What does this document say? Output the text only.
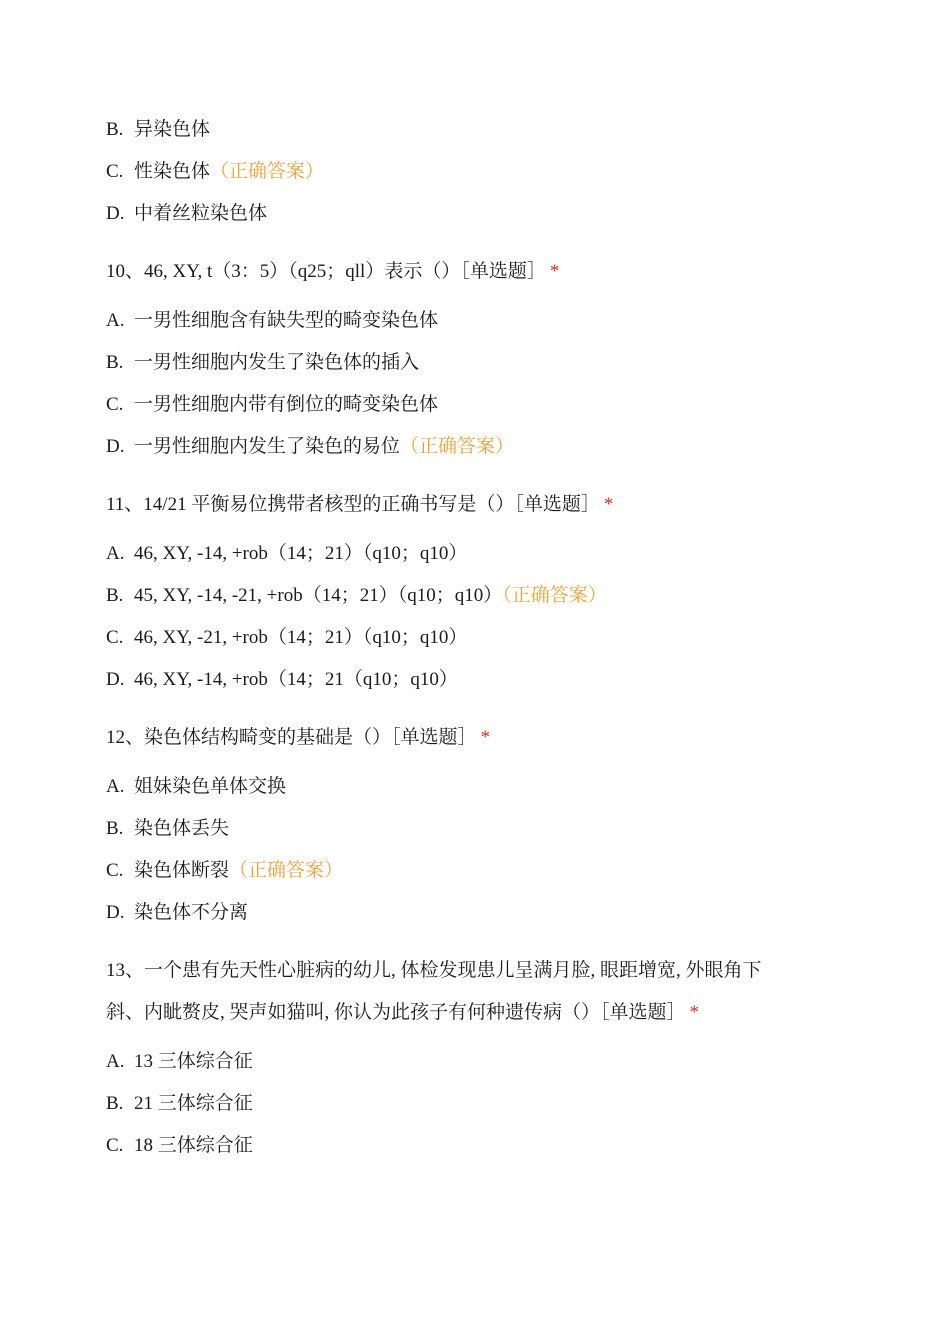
B. 异染色体
C. 性染色体（正确答案）
D. 中着丝粒染色体
10、46, XY, t（3：5）（q25；qll）表示（）［单选题］ *
A. 一男性细胞含有缺失型的畸变染色体
B. 一男性细胞内发生了染色体的插入
C. 一男性细胞内带有倒位的畸变染色体
D. 一男性细胞内发生了染色的易位（正确答案）
11、14/21 平衡易位携带者核型的正确书写是（）［单选题］ *
A. 46, XY, -14, +rob（14；21）（q10；q10）
B. 45, XY, -14, -21, +rob（14；21）（q10；q10）（正确答案）
C. 46, XY, -21, +rob（14；21）（q10；q10）
D. 46, XY, -14, +rob（14；21（q10；q10）
12、染色体结构畸变的基础是（）［单选题］ *
A. 姐妹染色单体交换
B. 染色体丢失
C. 染色体断裂（正确答案）
D. 染色体不分离
13、一个患有先天性心脏病的幼儿, 体检发现患儿呈满月脸, 眼距增宽, 外眼角下
斜、内眦赘皮, 哭声如猫叫, 你认为此孩子有何种遗传病（）［单选题］ *
A. 13 三体综合征
B. 21 三体综合征
C. 18 三体综合征
